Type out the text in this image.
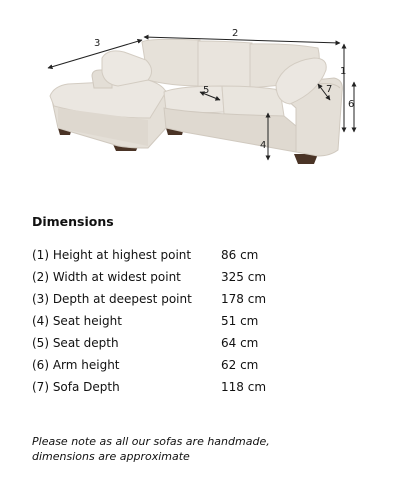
1
2
3
4
5
6
7
Dimensions
(1) Height at highest point	86 cm
(2) Width at widest point	325 cm
(3) Depth at deepest point	178 cm
(4) Seat height	51 cm
(5) Seat depth	64 cm
(6) Arm height	62 cm
(7) Sofa Depth	118 cm

Please note as all our sofas are handmade,
dimensions are approximate
